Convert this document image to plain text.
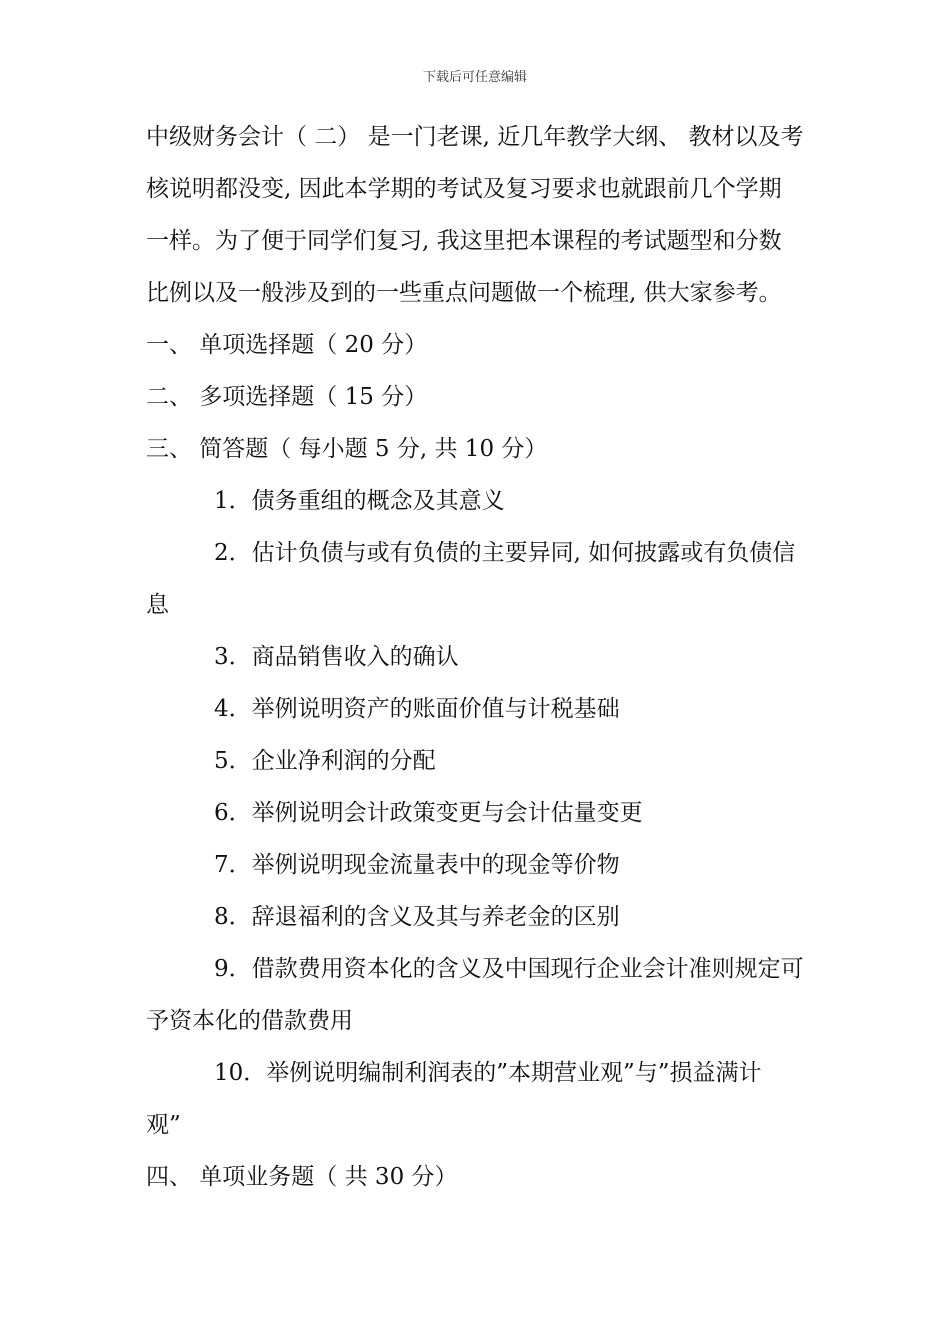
下载后可任意编辑
中级财务会计（ 二） 是一门老课, 近几年教学大纲、 教材以及考
核说明都没变, 因此本学期的考试及复习要求也就跟前几个学期
一样。为了便于同学们复习, 我这里把本课程的考试题型和分数
比例以及一般涉及到的一些重点问题做一个梳理, 供大家参考。
一、 单项选择题（ 20 分）
二、 多项选择题（ 15 分）
三、 简答题（ 每小题 5 分, 共 10 分）
1．债务重组的概念及其意义
2．估计负债与或有负债的主要异同, 如何披露或有负债信
息
3．商品销售收入的确认
4．举例说明资产的账面价值与计税基础
5．企业净利润的分配
6．举例说明会计政策变更与会计估量变更
7．举例说明现金流量表中的现金等价物
8．辞退福利的含义及其与养老金的区别
9．借款费用资本化的含义及中国现行企业会计准则规定可
予资本化的借款费用
10．举例说明编制利润表的”本期营业观”与”损益满计
观”
四、 单项业务题（ 共 30 分）
